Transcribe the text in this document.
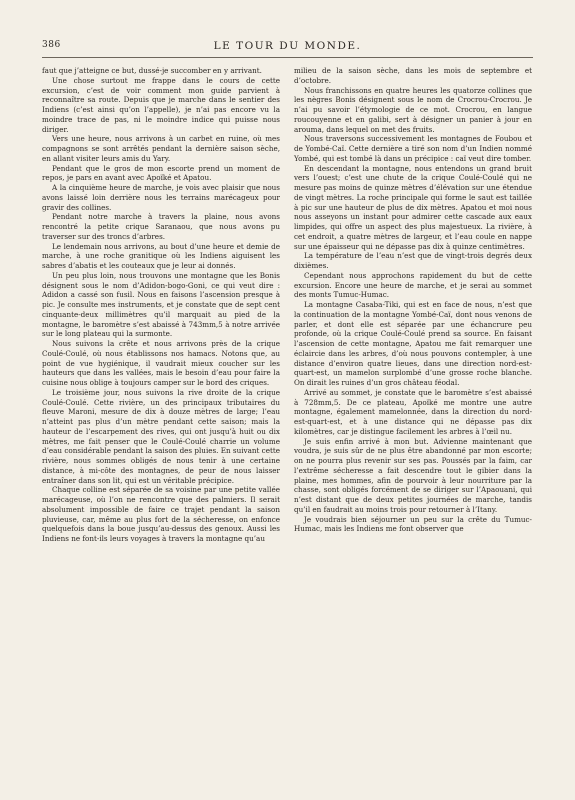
386	LE TOUR DU MONDE.

faut que j’atteigne ce but, dussé-je succomber en y arrivant.

Une chose surtout me frappe dans le cours de cette excursion, c’est de voir comment mon guide parvient à reconnaître sa route. Depuis que je marche dans le sentier des Indiens (c’est ainsi qu’on l’appelle), je n’ai pas encore vu la moindre trace de pas, ni le moindre indice qui puisse nous diriger.

Vers une heure, nous arrivons à un carbet en ruine, où mes compagnons se sont arrêtés pendant la dernière saison sèche, en allant visiter leurs amis du Yary.

Pendant que le gros de mon escorte prend un moment de repos, je pars en avant avec Apoïké et Apatou.

A la cinquième heure de marche, je vois avec plaisir que nous avons laissé loin derrière nous les terrains marécageux pour gravir des collines.

Pendant notre marche à travers la plaine, nous avons rencontré la petite crique Saranaou, que nous avons pu traverser sur des troncs d’arbres.

Le lendemain nous arrivons, au bout d’une heure et demie de marche, à une roche granitique où les Indiens aiguisent les sabres d’abatis et les couteaux que je leur ai donnés.

Un peu plus loin, nous trouvons une montagne que les Bonis désignent sous le nom d’Adidon-bogo-Goni, ce qui veut dire : Adidon a cassé son fusil. Nous en faisons l’ascension presque à pic. Je consulte mes instruments, et je constate que de sept cent cinquante-deux millimètres qu’il marquait au pied de la montagne, le baromètre s’est abaissé à 743mm,5 à notre arrivée sur le long plateau qui la surmonte.

Nous suivons la crête et nous arrivons près de la crique Coulé-Coulé, où nous établissons nos hamacs. Notons que, au point de vue hygiénique, il vaudrait mieux coucher sur les hauteurs que dans les vallées, mais le besoin d’eau pour faire la cuisine nous oblige à toujours camper sur le bord des criques.

Le troisième jour, nous suivons la rive droite de la crique Coulé-Coulé. Cette rivière, un des principaux tributaires du fleuve Maroni, mesure de dix à douze mètres de large; l’eau n’atteint pas plus d’un mètre pendant cette saison; mais la hauteur de l’escarpement des rives, qui ont jusqu’à huit ou dix mètres, me fait penser que le Coulé-Coulé charrie un volume d’eau considérable pendant la saison des pluies. En suivant cette rivière, nous sommes obligés de nous tenir à une certaine distance, à mi-côte des montagnes, de peur de nous laisser entraîner dans son lit, qui est un véritable précipice.

Chaque colline est séparée de sa voisine par une petite vallée marécageuse, où l’on ne rencontre que des palmiers. Il serait absolument impossible de faire ce trajet pendant la saison pluvieuse, car, même au plus fort de la sécheresse, on enfonce quelquefois dans la boue jusqu’au-dessus des genoux. Aussi les Indiens ne font-ils leurs voyages à travers la montagne qu’au

milieu de la saison sèche, dans les mois de septembre et d’octobre.

Nous franchissons en quatre heures les quatorze collines que les nègres Bonis désignent sous le nom de Crocrou-Crocrou. Je n’ai pu savoir l’étymologie de ce mot. Crocrou, en langue roucouyenne et en galibi, sert à désigner un panier à jour en arouma, dans lequel on met des fruits.

Nous traversons successivement les montagnes de Foubou et de Yombé-Caï. Cette dernière a tiré son nom d’un Indien nommé Yombé, qui est tombé là dans un précipice : caï veut dire tomber.

En descendant la montagne, nous entendons un grand bruit vers l’ouest; c’est une chute de la crique Coulé-Coulé qui ne mesure pas moins de quinze mètres d’élévation sur une étendue de vingt mètres. La roche principale qui forme le saut est taillée à pic sur une hauteur de plus de dix mètres. Apatou et moi nous nous asseyons un instant pour admirer cette cascade aux eaux limpides, qui offre un aspect des plus majestueux. La rivière, à cet endroit, a quatre mètres de largeur, et l’eau coule en nappe sur une épaisseur qui ne dépasse pas dix à quinze centimètres.

La température de l’eau n’est que de vingt-trois degrés deux dixièmes.

Cependant nous approchons rapidement du but de cette excursion. Encore une heure de marche, et je serai au sommet des monts Tumuc-Humac.

La montagne Casaba-Tiki, qui est en face de nous, n’est que la continuation de la montagne Yombé-Caï, dont nous venons de parler, et dont elle est séparée par une échancrure peu profonde, où la crique Coulé-Coulé prend sa source. En faisant l’ascension de cette montagne, Apatou me fait remarquer une éclaircie dans les arbres, d’où nous pouvons contempler, à une distance d’environ quatre lieues, dans une direction nord-est-quart-est, un mamelon surplombé d’une grosse roche blanche. On dirait les ruines d’un gros château féodal.

Arrivé au sommet, je constate que le baromètre s’est abaissé à 728mm,5. De ce plateau, Apoïké me montre une autre montagne, également mamelonnée, dans la direction du nord-est-quart-est, et à une distance qui ne dépasse pas dix kilomètres, car je distingue facilement les arbres à l’œil nu.

Je suis enfin arrivé à mon but. Advienne maintenant que voudra, je suis sûr de ne plus être abandonné par mon escorte; on ne pourra plus revenir sur ses pas. Poussés par la faim, car l’extrême sécheresse a fait descendre tout le gibier dans la plaine, mes hommes, afin de pourvoir à leur nourriture par la chasse, sont obligés forcément de se diriger sur l’Apaouani, qui n’est distant que de deux petites journées de marche, tandis qu’il en faudrait au moins trois pour retourner à l’Itany.

Je voudrais bien séjourner un peu sur la crête du Tumuc-Humac, mais les Indiens me font observer que
